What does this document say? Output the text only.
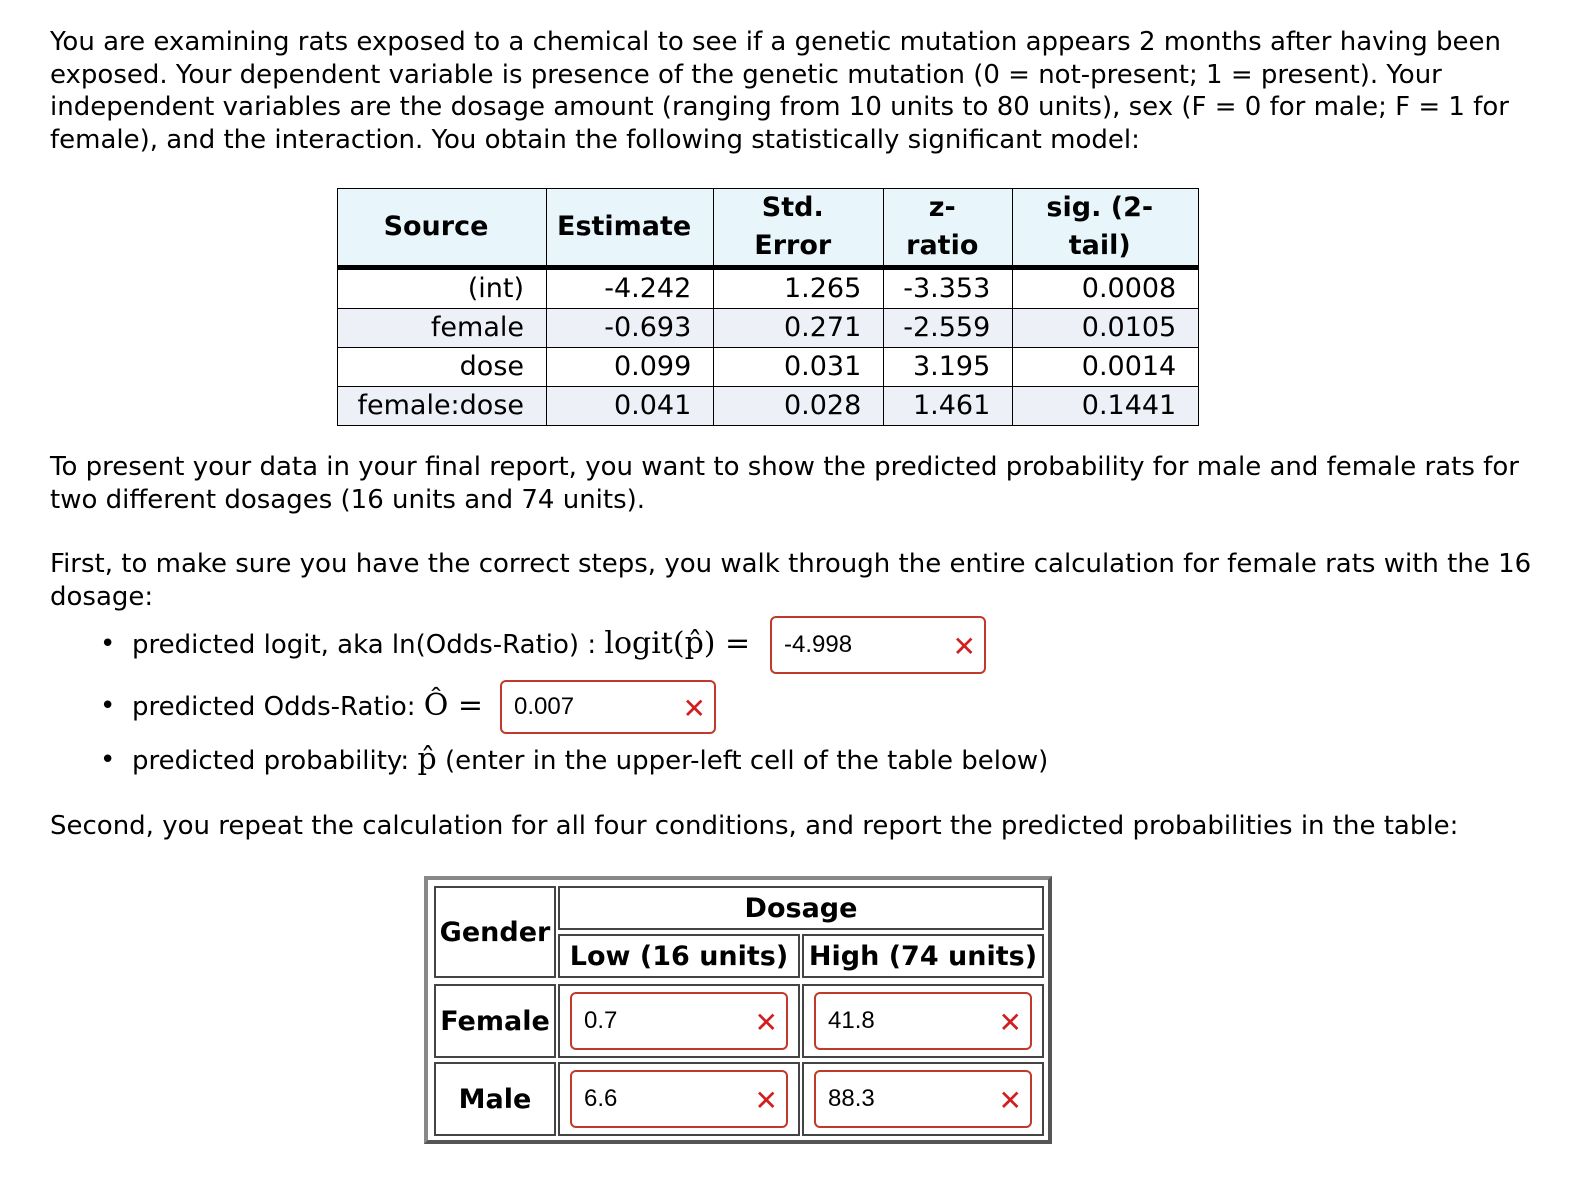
You are examining rats exposed to a chemical to see if a genetic mutation appears 2 months after having been exposed. Your dependent variable is presence of the genetic mutation (0 = not-present; 1 = present). Your independent variables are the dosage amount (ranging from 10 units to 80 units), sex (F = 0 for male; F = 1 for female), and the interaction. You obtain the following statistically significant model:

Source	Estimate	Std. Error	z-ratio	sig. (2-tail)
(int)	-4.242	1.265	-3.353	0.0008
female	-0.693	0.271	-2.559	0.0105
dose	0.099	0.031	3.195	0.0014
female:dose	0.041	0.028	1.461	0.1441

To present your data in your final report, you want to show the predicted probability for male and female rats for two different dosages (16 units and 74 units).

First, to make sure you have the correct steps, you walk through the entire calculation for female rats with the 16 dosage:

• predicted logit, aka ln(Odds-Ratio) : logit(p̂) = -4.998	✕
• predicted Odds-Ratio: Ô = 0.007	✕
• predicted probability: p̂ (enter in the upper-left cell of the table below)

Second, you repeat the calculation for all four conditions, and report the predicted probabilities in the table:

Gender
Dosage
Low (16 units) High (74 units)
Female 0.7	✕ 41.8	✕
Male	6.6	✕ 88.3	✕
